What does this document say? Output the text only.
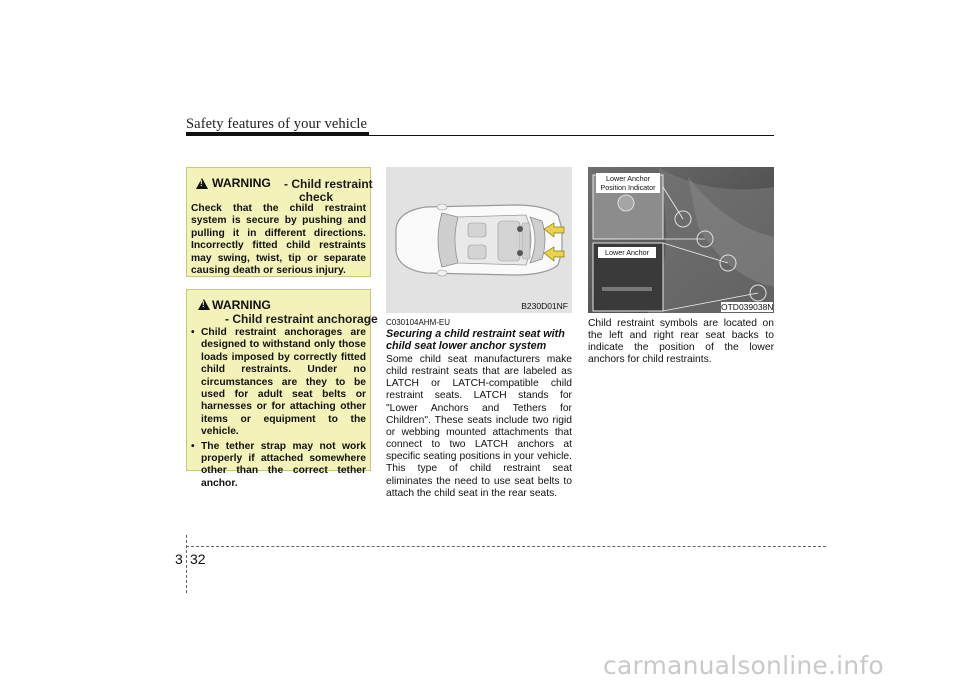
Safety features of your vehicle
!
WARNING - Child restraint
check
Check that the child restraint system is secure by pushing and pulling it in different directions. Incorrectly fitted child restraints may swing, twist, tip or separate causing death or serious injury.
!
WARNING
- Child restraint anchorage
• Child restraint anchorages are designed to withstand only those loads imposed by correctly fitted child restraints. Under no circumstances are they to be used for adult seat belts or harnesses or for attaching other items or equipment to the vehicle.
• The tether strap may not work properly if attached somewhere other than the correct tether anchor.
B230D01NF
Lower Anchor Position Indicator
Lower Anchor
OTD039038N
C030104AHM-EU
Securing a child restraint seat with child seat lower anchor system
Some child seat manufacturers make child restraint seats that are labeled as LATCH or LATCH-compatible child restraint seats. LATCH stands for "Lower Anchors and Tethers for Children". These seats include two rigid or webbing mounted attachments that connect to two LATCH anchors at specific seating positions in your vehicle. This type of child restraint seat eliminates the need to use seat belts to attach the child seat in the rear seats.
Child restraint symbols are located on the left and right rear seat backs to indicate the position of the lower anchors for child restraints.
3 32
carmanualsonline.info
